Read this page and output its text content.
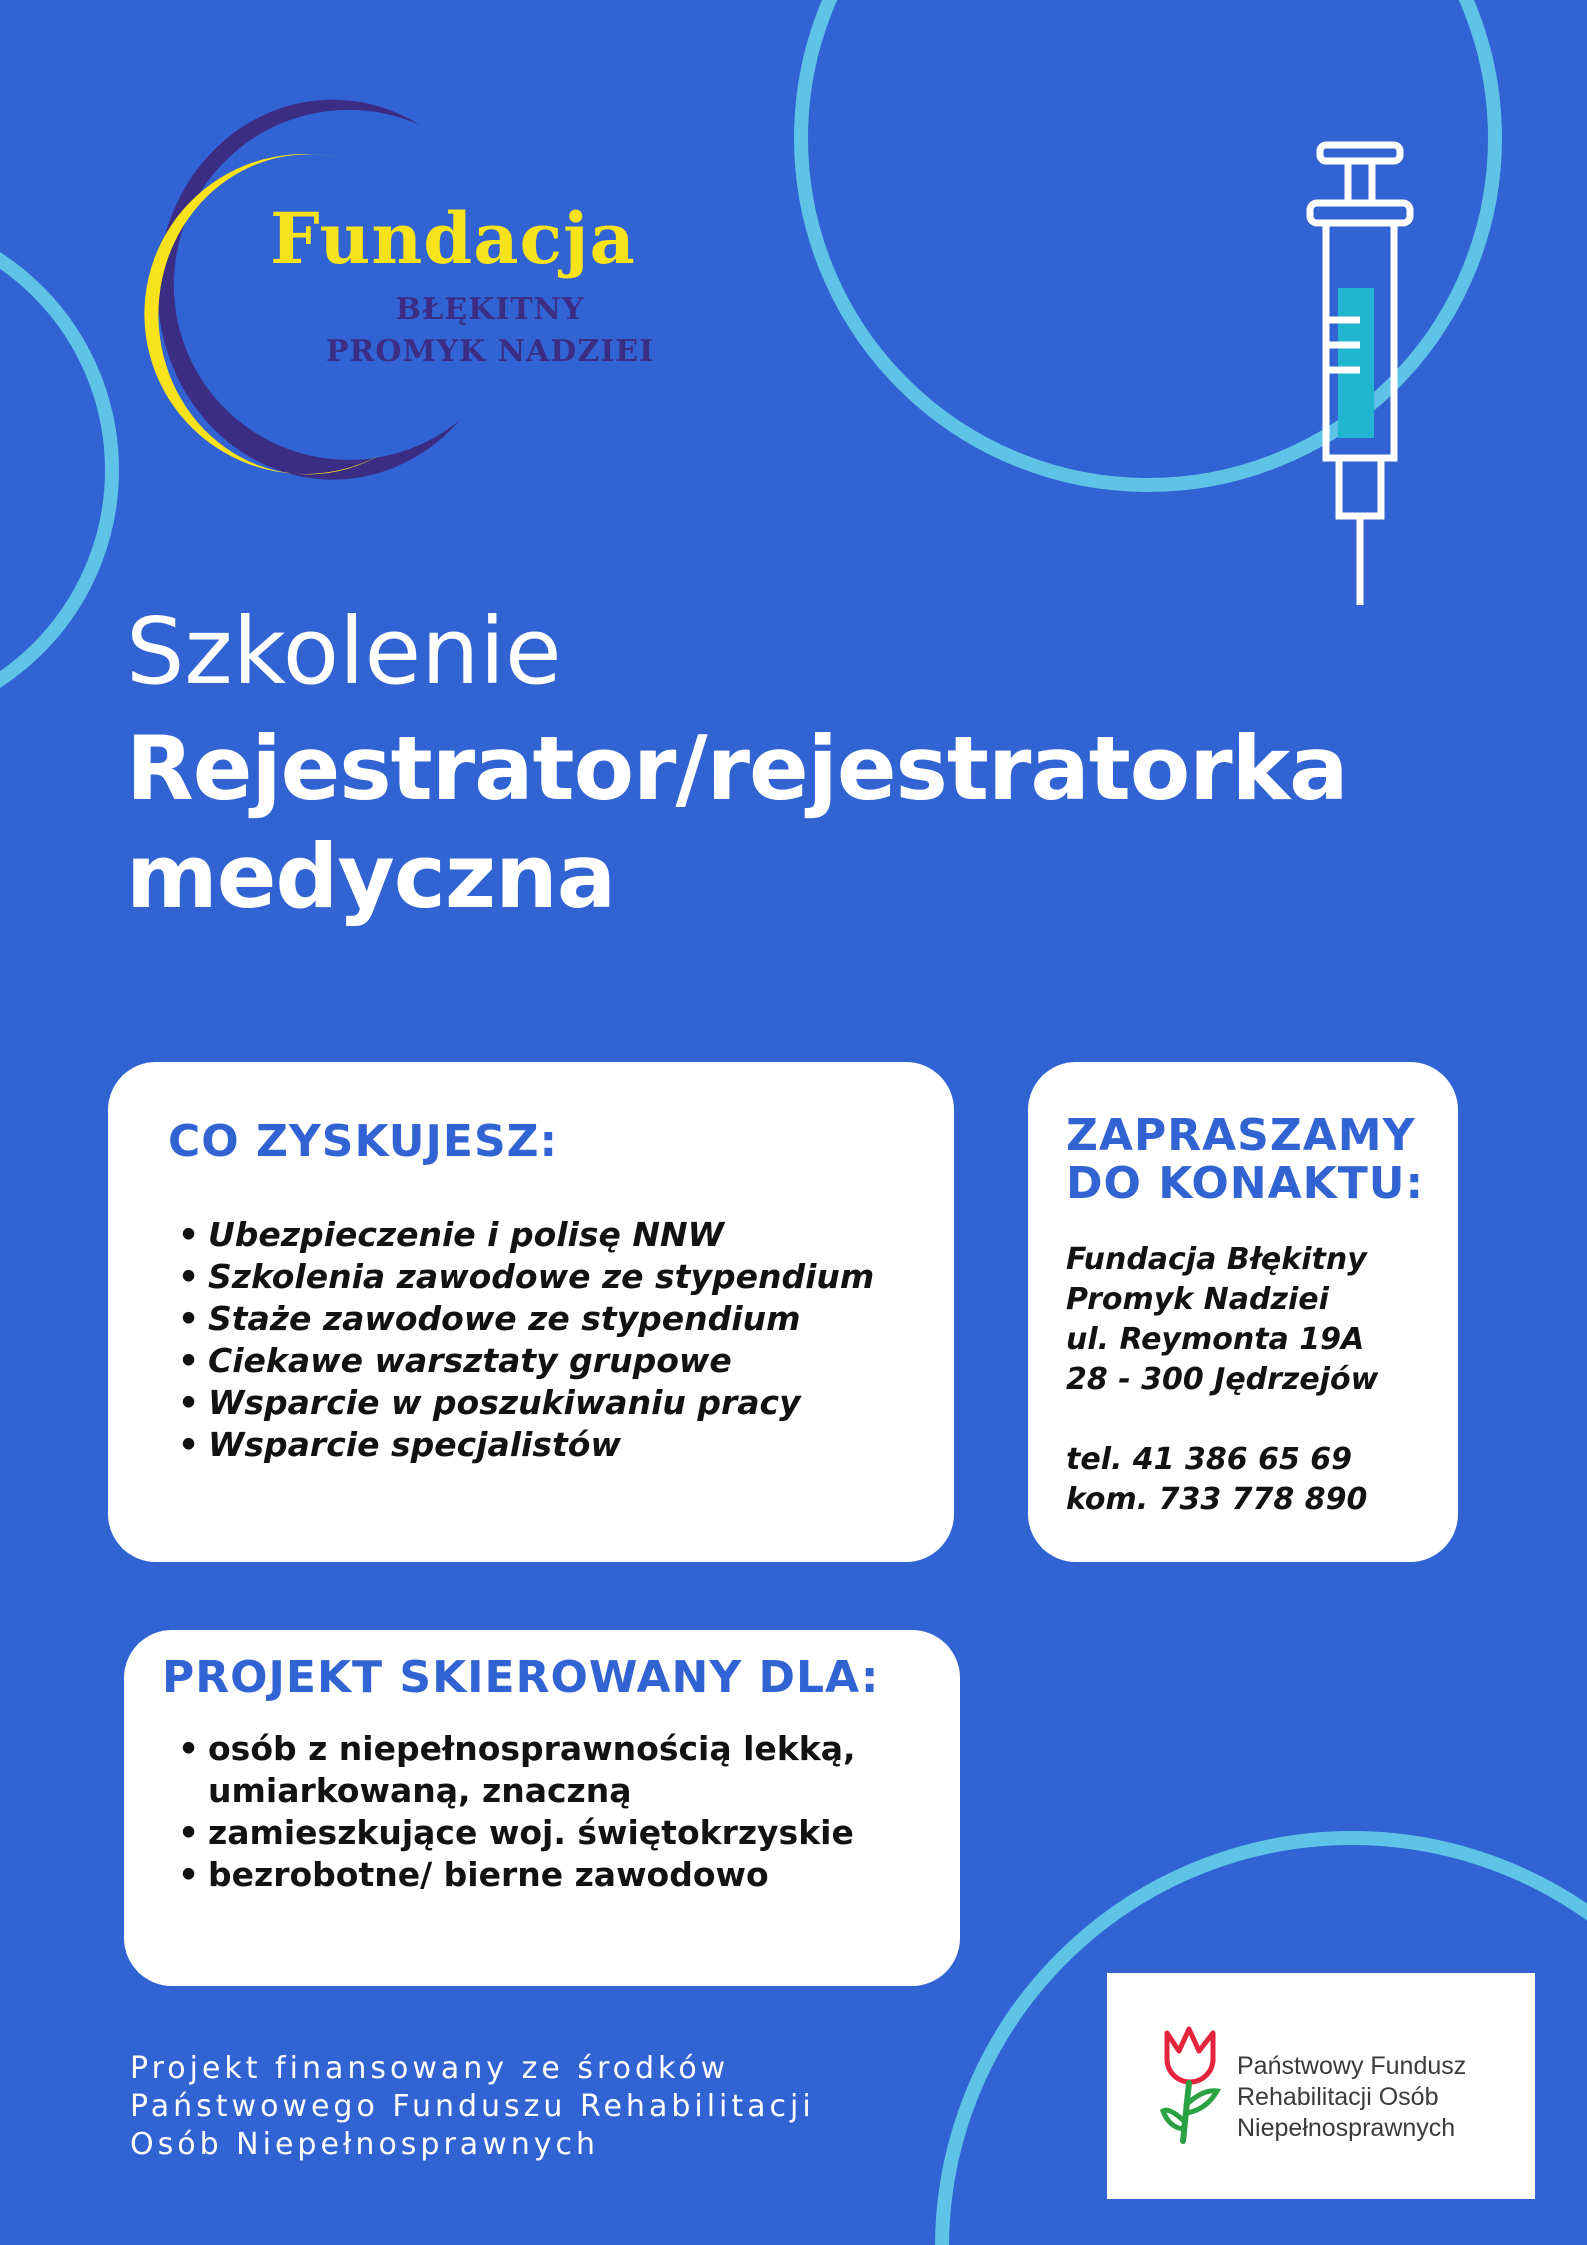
Fundacja
BŁĘKITNY
PROMYK NADZIEI
Szkolenie
Rejestrator/rejestratorka
medyczna
CO ZYSKUJESZ:
• Ubezpieczenie i polisę NNW
• Szkolenia zawodowe ze stypendium
• Staże zawodowe ze stypendium
• Ciekawe warsztaty grupowe
• Wsparcie w poszukiwaniu pracy
• Wsparcie specjalistów
ZAPRASZAMY
DO KONAKTU:
Fundacja Błękitny
Promyk Nadziei
ul. Reymonta 19A
28 - 300 Jędrzejów
tel. 41 386 65 69
kom. 733 778 890
PROJEKT SKIEROWANY DLA:
• osób z niepełnosprawnością lekką,
umiarkowaną, znaczną
• zamieszkujące woj. świętokrzyskie
• bezrobotne/ bierne zawodowo
Projekt finansowany ze środków
Państwowego Funduszu Rehabilitacji
Osób Niepełnosprawnych
Państwowy Fundusz
Rehabilitacji Osób
Niepełnosprawnych
